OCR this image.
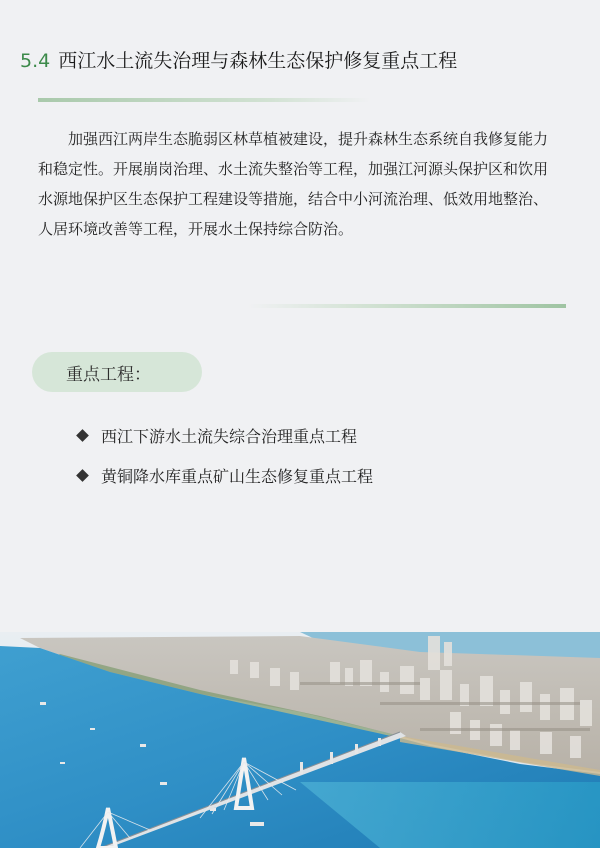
5.4 西江水土流失治理与森林生态保护修复重点工程

加强西江两岸生态脆弱区林草植被建设，提升森林生态系统自我修复能力和稳定性。开展崩岗治理、水土流失整治等工程，加强江河源头保护区和饮用水源地保护区生态保护工程建设等措施，结合中小河流治理、低效用地整治、人居环境改善等工程，开展水土保持综合防治。

重点工程：
西江下游水土流失综合治理重点工程
黄铜降水库重点矿山生态修复重点工程
